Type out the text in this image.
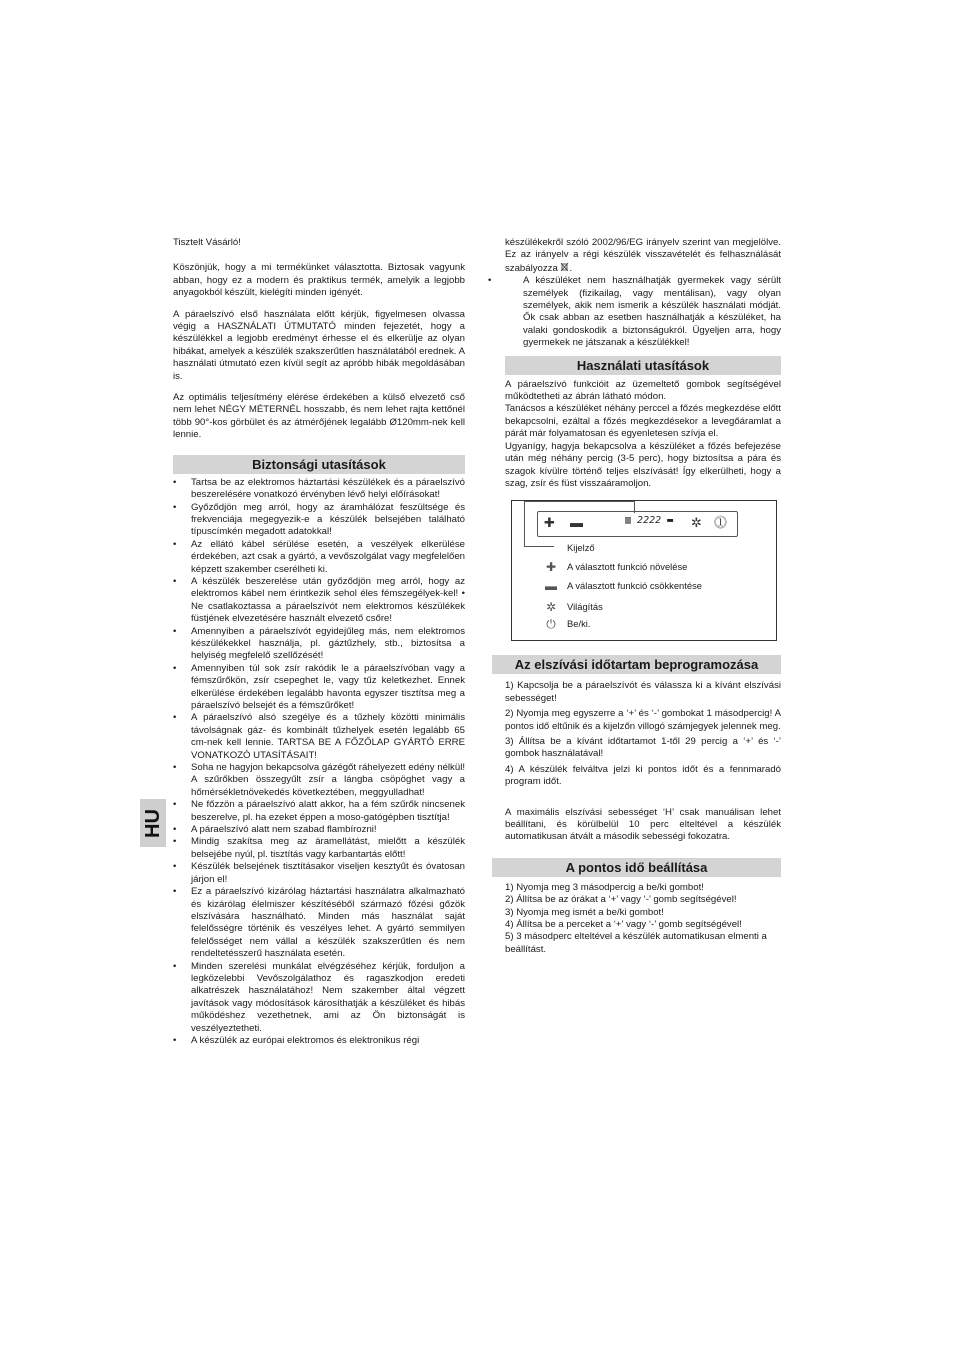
HU

Tisztelt Vásárló!

Köszönjük, hogy a mi termékünket választotta. Biztosak vagyunk abban, hogy ez a modern és praktikus termék, amelyik a legjobb anyagokból készült, kielégíti minden igényét.

A páraelszívó első használata előtt kérjük, figyelmesen olvassa végig a HASZNÁLATI ÚTMUTATÓ minden fejezetét, hogy a készülékkel a legjobb eredményt érhesse el és elkerülje az olyan hibákat, amelyek a készülék szakszerűtlen használatából erednek. A használati útmutató ezen kívül segít az apróbb hibák megoldásában is.

Az optimális teljesítmény elérése érdekében a külső elvezető cső nem lehet NÉGY MÉTERNÉL hosszabb, és nem lehet rajta kettőnél több 90°-kos görbület és az átmérőjének legalább Ø120mm-nek kell lennie.

Biztonsági utasítások
• Tartsa be az elektromos háztartási készülékek és a páraelszívó beszerelésére vonatkozó érvényben lévő helyi előírásokat!
• Győződjön meg arról, hogy az áramhálózat feszültsége és frekvenciája megegyezik-e a készülék belsejében található típuscímkén megadott adatokkal!
• Az ellátó kábel sérülése esetén, a veszélyek elkerülése érdekében, azt csak a gyártó, a vevőszolgálat vagy megfelelően képzett szakember cserélheti ki.
• A készülék beszerelése után győződjön meg arról, hogy az elektromos kábel nem érintkezik sehol éles fémszegélyek-kel! • Ne csatlakoztassa a páraelszívót nem elektromos készülékek füstjének elvezetésére használt elvezető csőre!
• Amennyiben a páraelszívót egyidejűleg más, nem elektromos készülékekkel használja, pl. gáztűzhely, stb., biztosítsa a helyiség megfelelő szellőzését!
• Amennyiben túl sok zsír rakódik le a páraelszívóban vagy a fémszűrőkön, zsír csepeghet le, vagy tűz keletkezhet. Ennek elkerülése érdekében legalább havonta egyszer tisztítsa meg a páraelszívó belsejét és a fémszűrőket!
• A páraelszívó alsó szegélye és a tűzhely közötti minimális távolságnak gáz- és kombinált tűzhelyek esetén legalább 65 cm-nek kell lennie. TARTSA BE A FŐZŐLAP GYÁRTÓ ERRE VONATKOZÓ UTASÍTÁSAIT!
• Soha ne hagyjon bekapcsolva gázégőt ráhelyezett edény nélkül! A szűrőkben összegyűlt zsír a lángba csöpöghet vagy a hőmérsékletnövekedés következtében, meggyulladhat!
• Ne főzzön a páraelszívó alatt akkor, ha a fém szűrők nincsenek beszerelve, pl. ha ezeket éppen a moso-gatógépben tisztítja!
• A páraelszívó alatt nem szabad flambírozni!
• Mindig szakítsa meg az áramellátást, mielőtt a készülék belsejébe nyúl, pl. tisztítás vagy karbantartás előtt!
• Készülék belsejének tisztításakor viseljen kesztyűt és óvatosan járjon el!
• Ez a páraelszívó kizárólag háztartási használatra alkalmazható és kizárólag élelmiszer készítéséből származó főzési gőzök elszívására használható. Minden más használat saját felelősségre történik és veszélyes lehet. A gyártó semmilyen felelősséget nem vállal a készülék szakszerűtlen és nem rendeltetésszerű használata esetén.
• Minden szerelési munkálat elvégzéséhez kérjük, forduljon a legközelebbi Vevőszolgálathoz és ragaszkodjon eredeti alkatrészek használatához! Nem szakember által végzett javítások vagy módosítások károsíthatják a készüléket és hibás működéshez vezethetnek, ami az Ön biztonságát is veszélyeztetheti.
• A készülék az európai elektromos és elektronikus régi

készülékekről szóló 2002/96/EG irányelv szerint van megjelölve. Ez az irányelv a régi készülék visszavételét és felhasználását szabályozza .

• A készüléket nem használhatják gyermekek vagy sérült személyek (fizikailag, vagy mentálisan), vagy olyan személyek, akik nem ismerik a készülék használati módját. Ők csak abban az esetben használhatják a készüléket, ha valaki gondoskodik a biztonságukról. Ügyeljen arra, hogy gyermekek ne játszanak a készülékkel!
Használati utasítások

A páraelszívó funkcióit az üzemeltető gombok segítségével működtetheti az ábrán látható módon.

Tanácsos a készüléket néhány perccel a főzés megkezdése előtt bekapcsolni, ezáltal a főzés megkezdésekor a levegőáramlat a párát már folyamatosan és egyenletesen szívja el.

Ugyanígy, hagyja bekapcsolva a készüléket a főzés befejezése után még néhány percig (3-5 perc), hogy biztosítsa a pára és szagok kívülre történő teljes elszívását! Így elkerülheti, hogy a szag, zsír és füst visszaáramoljon.

✚ ▬	▥ 2222 ▬	✲ ⓵
Kijelző
✚ A választott funkció növelése
▬ A választott funkció csökkentése
✲ Világítás
⏻ Be/ki.
Az elszívási időtartam beprogramozása

1) Kapcsolja be a páraelszívót és válassza ki a kívánt elszívási sebességet!

2) Nyomja meg egyszerre a ‘+’ és ‘-’ gombokat 1 másodpercig! A pontos idő eltűnik és a kijelzőn villogó számjegyek jelennek meg.

3) Állítsa be a kívánt időtartamot 1-től 29 percig a ‘+’ és ‘-’ gombok használatával!

4) A készülék felváltva jelzi ki pontos időt és a fennmaradó program időt.

A maximális elszívási sebességet ‘H’ csak manuálisan lehet beállítani, és körülbelül 10 perc elteltével a készülék automatikusan átvált a második sebességi fokozatra.

A pontos idő beállítása

1) Nyomja meg 3 másodpercig a be/ki gombot!

2) Állítsa be az órákat a ‘+’ vagy ‘-’ gomb segítségével!

3) Nyomja meg ismét a be/ki gombot!

4) Állítsa be a perceket a ‘+’ vagy ‘-’ gomb segítségével!

5) 3 másodperc elteltével a készülék automatikusan elmenti a beállítást.
